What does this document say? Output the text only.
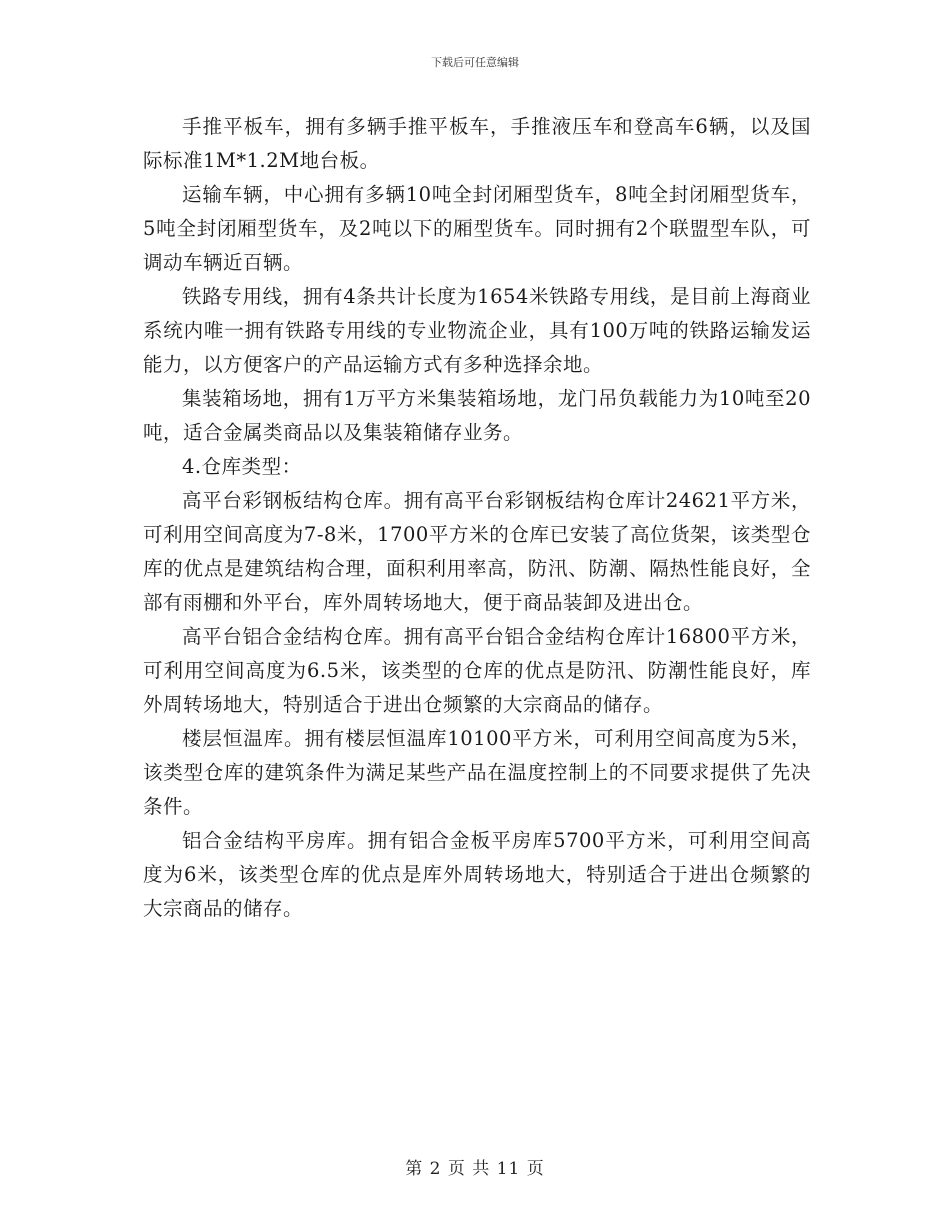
下载后可任意编辑

手推平板车，拥有多辆手推平板车，手推液压车和登高车6辆，以及国际标准1M*1.2M地台板。

运输车辆，中心拥有多辆10吨全封闭厢型货车，8吨全封闭厢型货车，5吨全封闭厢型货车，及2吨以下的厢型货车。同时拥有2个联盟型车队，可调动车辆近百辆。

铁路专用线，拥有4条共计长度为1654米铁路专用线，是目前上海商业系统内唯一拥有铁路专用线的专业物流企业，具有100万吨的铁路运输发运能力，以方便客户的产品运输方式有多种选择余地。

集装箱场地，拥有1万平方米集装箱场地，龙门吊负载能力为10吨至20吨，适合金属类商品以及集装箱储存业务。

4.仓库类型：

高平台彩钢板结构仓库。拥有高平台彩钢板结构仓库计24621平方米，可利用空间高度为7-8米，1700平方米的仓库已安装了高位货架，该类型仓库的优点是建筑结构合理，面积利用率高，防汛、防潮、隔热性能良好，全部有雨棚和外平台，库外周转场地大，便于商品装卸及进出仓。

高平台铝合金结构仓库。拥有高平台铝合金结构仓库计16800平方米，可利用空间高度为6.5米，该类型的仓库的优点是防汛、防潮性能良好，库外周转场地大，特别适合于进出仓频繁的大宗商品的储存。

楼层恒温库。拥有楼层恒温库10100平方米，可利用空间高度为5米，该类型仓库的建筑条件为满足某些产品在温度控制上的不同要求提供了先决条件。

铝合金结构平房库。拥有铝合金板平房库5700平方米，可利用空间高度为6米，该类型仓库的优点是库外周转场地大，特别适合于进出仓频繁的大宗商品的储存。

第 2 页 共 11 页
